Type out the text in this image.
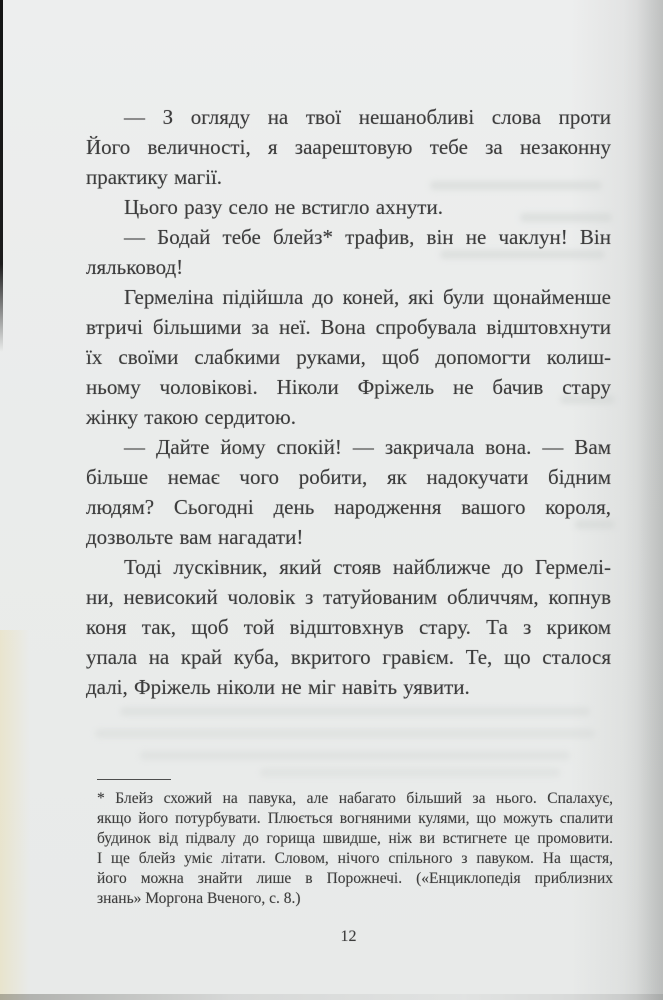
— З огляду на твої нешанобливі слова проти
Його величності, я заарештовую тебе за незаконну
практику магії.
Цього разу село не встигло ахнути.
— Бодай тебе блейз* трафив, він не чаклун! Він
ляльковод!
Гермеліна підійшла до коней, які були щонайменше
втричі більшими за неї. Вона спробувала відштовхнути
їх своїми слабкими руками, щоб допомогти колиш-
ньому чоловікові. Ніколи Фріжель не бачив стару
жінку такою сердитою.
— Дайте йому спокій! — закричала вона. — Вам
більше немає чого робити, як надокучати бідним
людям? Сьогодні день народження вашого короля,
дозвольте вам нагадати!
Тоді лусківник, який стояв найближче до Гермелі-
ни, невисокий чоловік з татуйованим обличчям, копнув
коня так, щоб той відштовхнув стару. Та з криком
упала на край куба, вкритого гравієм. Те, що сталося
далі, Фріжель ніколи не міг навіть уявити.
* Блейз схожий на павука, але набагато більший за нього. Спалахує,
якщо його потурбувати. Плюється вогняними кулями, що можуть спалити
будинок від підвалу до горища швидше, ніж ви встигнете це промовити.
І ще блейз уміє літати. Словом, нічого спільного з павуком. На щастя,
його можна знайти лише в Порожнечі. («Енциклопедія приблизних
знань» Моргона Вченого, с. 8.)
12
